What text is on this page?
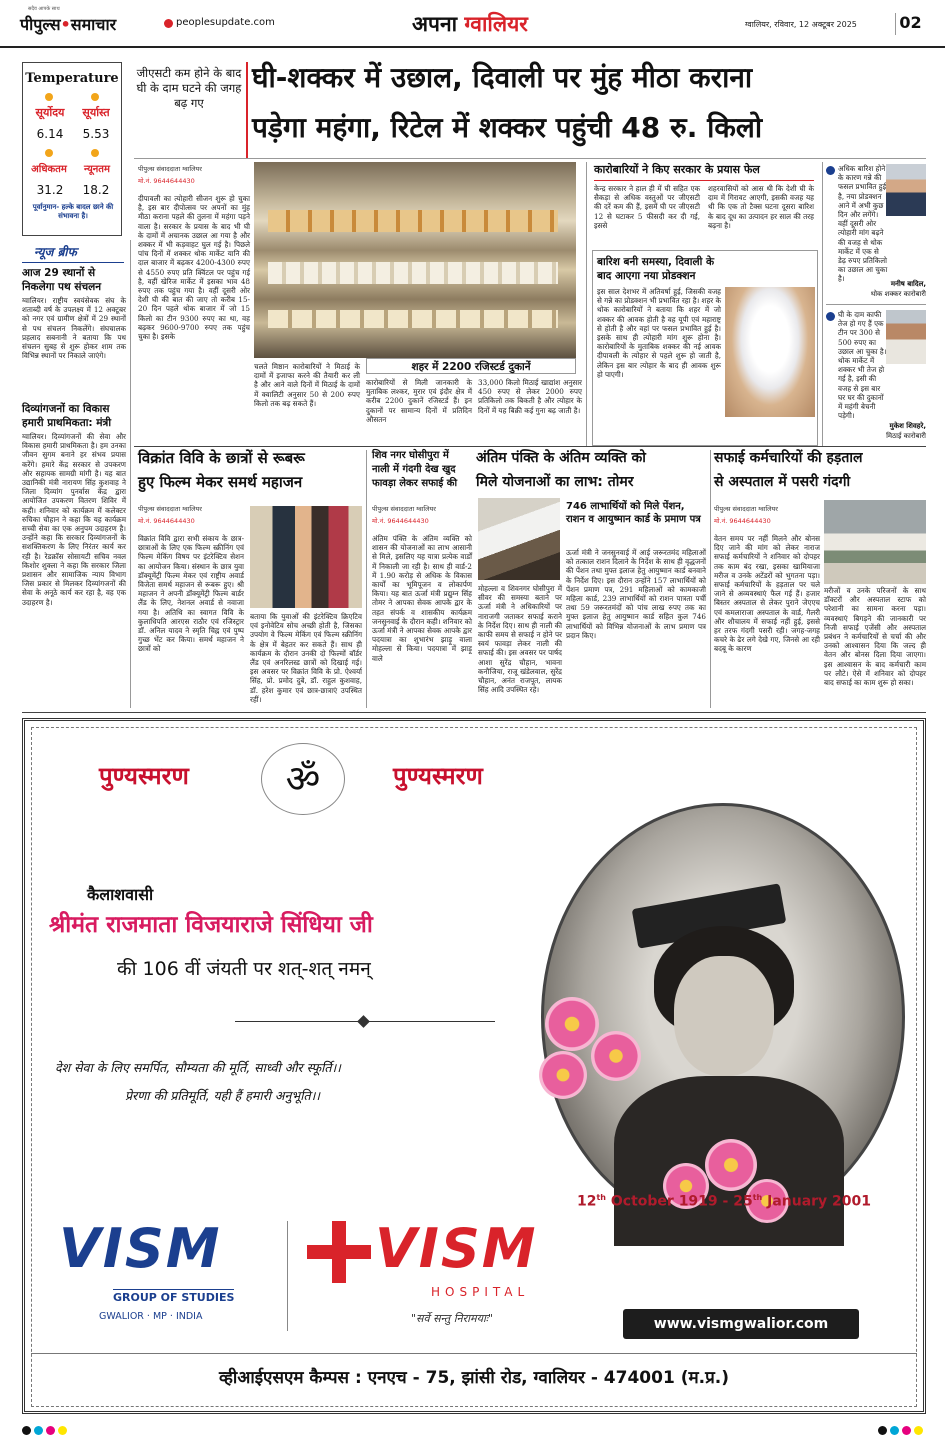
सदैव आपके साथ
पीपुल्स•समाचार	peoplesupdate.com	अपना ग्वालियर	ग्वालियर, रविवार, 12 अक्टूबर 2025	02
Temperature
सूर्योदय	सूर्यास्त
6.14	5.53
अधिकतम	न्यूनतम
31.2	18.2
पूर्वानुमान- हल्के बादल छाने की संभावना है।
जीएसटी कम होने के बाद घी के दाम घटने की जगह बढ़ गए
घी-शक्कर में उछाल, दिवाली पर मुंह मीठा कराना
पड़ेगा महंगा, रिटेल में शक्कर पहुंची 48 रु. किलो
न्यूज ब्रीफ
आज 29 स्थानों से निकलेगा पथ संचलन
ग्वालियर। राष्ट्रीय स्वयंसेवक संघ के शताब्दी वर्ष के उपलक्ष्य में 12 अक्टूबर को नगर एवं ग्रामीण क्षेत्रों में 29 स्थानों से पथ संचलन निकलेंगे। संघचालक प्रहलाद सबनानी ने बताया कि पथ संचलन सुबह से शुरू होकर शाम तक विभिन्न स्थानों पर निकाले जाएंगे।
दिव्यांगजनों का विकास हमारी प्राथमिकता: मंत्री
ग्वालियर। दिव्यांगजनों की सेवा और विकास हमारी प्राथमिकता है। हम उनका जीवन सुगम बनाने हर संभव प्रयास करेंगे। हमारे केंद्र सरकार से उपकरण और सहायक सामग्री मांगी है। यह बात उद्यानिकी मंत्री नारायण सिंह कुशवाह ने जिला दिव्यांग पुनर्वास केंद्र द्वारा आयोजित उपकरण वितरण शिविर में कही। शनिवार को कार्यक्रम में कलेक्टर रुचिका चौहान ने कहा कि यह कार्यक्रम सच्ची सेवा का एक अनुपम उदाहरण है। उन्होंने कहा कि सरकार दिव्यांगजनों के सशक्तिकरण के लिए निरंतर कार्य कर रही है। रेडक्रॉस सोसायटी सचिव नवल किशोर शुक्ला ने कहा कि सरकार जिला प्रशासन और सामाजिक न्याय विभाग जिस प्रकार से मिलकर दिव्यांगजनों की सेवा के अनूठे कार्य कर रहा है, वह एक उदाहरण है।
पीपुल्स संवाददाता ग्वालियर
मो.नं. 9644644430
दीपावली का त्योहारी सीजन शुरू हो चुका है, इस बार दीपोत्सव पर अपनों का मुंह मीठा कराना पहले की तुलना में महंगा पड़ने वाला है। सरकार के प्रयास के बाद भी घी के दामों में अचानक उछाल आ गया है और शक्कर में भी कड़वाहट घुल गई है। पिछले पांच दिनों में शक्कर थोक मार्केट यानि की दाल बाजार में बढ़कर 4200-4300 रुपए से 4550 रुपए प्रति क्विंटल पर पहुंच गई है, वहीं खेरिज मार्केट में इसका भाव 48 रुपए तक पहुंच गया है। वहीं दूसरी ओर देशी घी की बात की जाए तो करीब 15-20 दिन पहले थोक बाजार में जो 15 किलो का टीन 9300 रुपए का था, वह बढ़कर 9600-9700 रुपए तक पहुंच चुका है। इसके
शहर में 2200 रजिस्टर्ड दुकानें
चलते मिष्ठान कारोबारियों ने मिठाई के दामों में इजाफा करने की तैयारी कर ली है और आने वाले दिनों में मिठाई के दामों में क्वालिटी अनुसार 50 से 200 रुपए किलो तक बढ़ सकते हैं।
कारोबारियों से मिली जानकारी के मुताबिक लश्कर, मुरार एवं इंदौर क्षेत्र में करीब 2200 दुकानें रजिस्टर्ड हैं। इन दुकानों पर सामान्य दिनों में प्रतिदिन औसतन
33,000 किलो मिठाई खाद्यांश अनुसार 450 रुपए से लेकर 2000 रुपए प्रतिकिलो तक बिकती है और त्योहार के दिनों में यह बिक्री कई गुना बढ़ जाती है।
कारोबारियों ने किए सरकार के प्रयास फेल
केन्द्र सरकार ने हाल ही में घी सहित एक सैकड़ा से अधिक वस्तुओं पर जीएसटी की दरें कम की हैं, इसमें घी पर जीएसटी 12 से घटाकर 5 फीसदी कर दी गई, इससे
शहरवासियों को आस थी कि देशी घी के दाम में गिरावट आएगी, इसकी वजह यह थी कि एक तो टैक्स घटना दूसरा बारिश के बाद दूध का उत्पादन हर साल की तरह बढ़ना है।
बारिश बनी समस्या, दिवाली के बाद आएगा नया प्रोडक्शन
इस साल देशभर में अतिवर्षा हुई, जिसकी वजह से गन्ने का प्रोडक्शन भी प्रभावित रहा है। शहर के थोक कारोबारियों ने बताया कि शहर में जो शक्कर की आवक होती है वह यूपी एवं महाराष्ट्र से होती है और वहां पर फसल प्रभावित हुई है। इसके साथ ही त्योहारी मांग शुरू होना है। कारोबारियों के मुताबिक शक्कर की नई आवक दीपावली के त्योहार से पहले शुरू हो जाती है, लेकिन इस बार त्योहार के बाद ही आवक शुरू हो पाएगी।
अधिक बारिश होने के कारण गन्ने की फसल प्रभावित हुई है, नया प्रोडक्शन आने में अभी कुछ दिन और लगेंगे। वहीं दूसरी ओर त्योहारी मांग बढ़ने की वजह से थोक मार्केट में एक से डेढ़ रुपए प्रतिकिलो का उछाल आ चुका है।
मनीष बादिल,
थोक शक्कर कारोबारी
घी के दाम काफी तेज हो गए हैं एक टीन पर 300 से 500 रुपए का उछाल आ चुका है। थोक मार्केट में शक्कर भी तेज हो गई है, इसी की वजह से इस बार घर घर की दुकानों में महंगी बेचनी पड़ेगी।
मुकेश शिवहरे,
मिठाई कारोबारी
विक्रांत विवि के छात्रों से रूबरू
हुए फिल्म मेकर समर्थ महाजन
पीपुल्स संवाददाता ग्वालियर
मो.नं. 9644644430
विक्रांत विवि द्वारा सभी संकाय के छात्र-छात्राओं के लिए एक फिल्म स्क्रीनिंग एवं फिल्म मेकिंग विषय पर इंटरेक्टिव सेशन का आयोजन किया। संस्थान के छात्र युवा डॉक्यूमेंट्री फिल्म मेकर एवं राष्ट्रीय अवार्ड विजेता समर्थ महाजन से रूबरू हुए। श्री महाजन ने अपनी डॉक्यूमेंट्री फिल्म बार्डर लैंड के लिए, नेशनल अवार्ड से नवाजा गया है। अतिथि का स्वागत विवि के कुलाधिपति आरएस राठौर एवं रजिस्ट्रार डॉ. अनिल यादव ने स्मृति चिह्न एवं पुष्प गुच्छ भेंट कर किया। समर्थ महाजन ने छात्रों को
बताया कि युवाओं की इंटरेक्टिव क्रिएटिव एवं इनोवेटिव सोच अच्छी होती है, जिसका उपयोग वे फिल्म मेकिंग एवं फिल्म स्क्रीनिंग के क्षेत्र में बेहतर कर सकते हैं। साथ ही कार्यक्रम के दौरान उनकी दो फिल्मों बॉर्डर लैंड एवं अनरिलस्ड छात्रों को दिखाई गई। इस अवसर पर विक्रांत विवि के प्रो. ऐश्वर्या सिंह, प्रो. प्रमोद दुबे, डॉ. राहुल कुशवाह, डॉ. हरेश कुमार एवं छात्र-छात्राएं उपस्थित रहीं।
शिव नगर घोसीपुरा में
नाली में गंदगी देख खुद
फावड़ा लेकर सफाई की
पीपुल्स संवाददाता ग्वालियर
मो.नं. 9644644430
अंतिम पंक्ति के अंतिम व्यक्ति को शासन की योजनाओं का लाभ आसानी से मिले, इसलिए यह यात्रा प्रत्येक वार्डों में निकाली जा रही है। साथ ही वार्ड-2 में 1.90 करोड़ से अधिक के विकास कार्यों का भूमिपूजन व लोकार्पण किया। यह बात ऊर्जा मंत्री प्रद्युम्न सिंह तोमर ने आपका सेवक आपके द्वार के तहत संपर्क व शासकीय कार्यक्रम जनसुनवाई के दौरान कही। शनिवार को ऊर्जा मंत्री ने आपका सेवक आपके द्वार पदयात्रा का शुभारंभ झाड़ू वाला मोहल्ला से किया। पदयात्रा में झाड़ू वाले
अंतिम पंक्ति के अंतिम व्यक्ति को
मिले योजनाओं का लाभ: तोमर
746 लाभार्थियों को मिले पेंशन, राशन व आयुष्मान कार्ड के प्रमाण पत्र
मोहल्ला व शिवनगर घोसीपुरा में सीवर की समस्या बताने पर ऊर्जा मंत्री ने अधिकारियों पर नाराजगी जताकर सफाई कराने के निर्देश दिए। साथ ही नाली की काफी समय से सफाई न होने पर स्वयं फावड़ा लेकर नाली की सफाई की। इस अवसर पर पार्षद आशा सुरेंद्र चौहान, भावना कनौजिया, राजू खंडेलवाल, सुरेंद्र चौहान, अनंत राजपूत, लायक सिंह आदि उपस्थित रहे।
ऊर्जा मंत्री ने जनसुनवाई में आई जरूरतमंद महिलाओं को तत्काल राशन दिलाने के निर्देश के साथ ही वृद्धजनों की पेंशन तथा मुफ्त इलाज हेतु आयुष्मान कार्ड बनवाने के निर्देश दिए। इस दौरान उन्होंने 157 लाभार्थियों को पेंशन प्रमाण पत्र, 291 महिलाओं को कामकाजी महिला कार्ड, 239 लाभार्थियों को राशन पात्रता पर्ची तथा 59 जरूरतमंदों को पांच लाख रुपए तक का मुफ्त इलाज हेतु आयुष्मान कार्ड सहित कुल 746 लाभार्थियों को विभिन्न योजनाओं के लाभ प्रमाण पत्र प्रदान किए।
सफाई कर्मचारियों की हड़ताल
से अस्पताल में पसरी गंदगी
पीपुल्स संवाददाता ग्वालियर
मो.नं. 9644644430
वेतन समय पर नहीं मिलने और बोनस दिए जाने की मांग को लेकर नाराज सफाई कर्मचारियों ने शनिवार को दोपहर तक काम बंद रखा, इसका खामियाजा मरीज व उनके अटेंडरों को भुगतना पड़ा। सफाई कर्मचारियों के हड़ताल पर चले जाने से अव्यवस्थाएं फैल गई हैं। हजार बिस्तर अस्पताल से लेकर पुराने जेएएच एवं कमलाराजा अस्पताल के वार्ड, गैलरी और शौचालय में सफाई नहीं हुई, इससे हर तरफ गंदगी पसरी रही। जगह-जगह कचरे के ढेर लगे देखे गए, जिनसे आ रही बदबू के कारण
मरीजों व उनके परिजनों के साथ डॉक्टरों और अस्पताल स्टाफ को परेशानी का सामना करना पड़ा। व्यवस्थाएं बिगड़ने की जानकारी पर निजी सफाई एजेंसी और अस्पताल प्रबंधन ने कर्मचारियों से चर्चा की और उनको आश्वासन दिया कि जल्द ही वेतन और बोनस दिला दिया जाएगा। इस आश्वासन के बाद कर्मचारी काम पर लौटे। ऐसे में शनिवार को दोपहर बाद सफाई का काम शुरू हो सका।
पुण्यस्मरण	ॐ	पुण्यस्मरण
कैलाशवासी
श्रीमंत राजमाता विजयाराजे सिंधिया जी
की 106 वीं जंयती पर शत्-शत् नमन्
देश सेवा के लिए समर्पित, सौम्यता की मूर्ति, साध्वी और स्फूर्ति।।
प्रेरणा की प्रतिमूर्ति, यही हैं हमारी अनुभूति।।
12th October 1919 - 25th January 2001
VISM
GROUP OF STUDIES
GWALIOR · MP · INDIA
VISM
HOSPITAL
"सर्वे सन्तु निरामयाः"	www.vismgwalior.com
व्हीआईएसएम कैम्पस : एनएच - 75, झांसी रोड, ग्वालियर - 474001 (म.प्र.)
